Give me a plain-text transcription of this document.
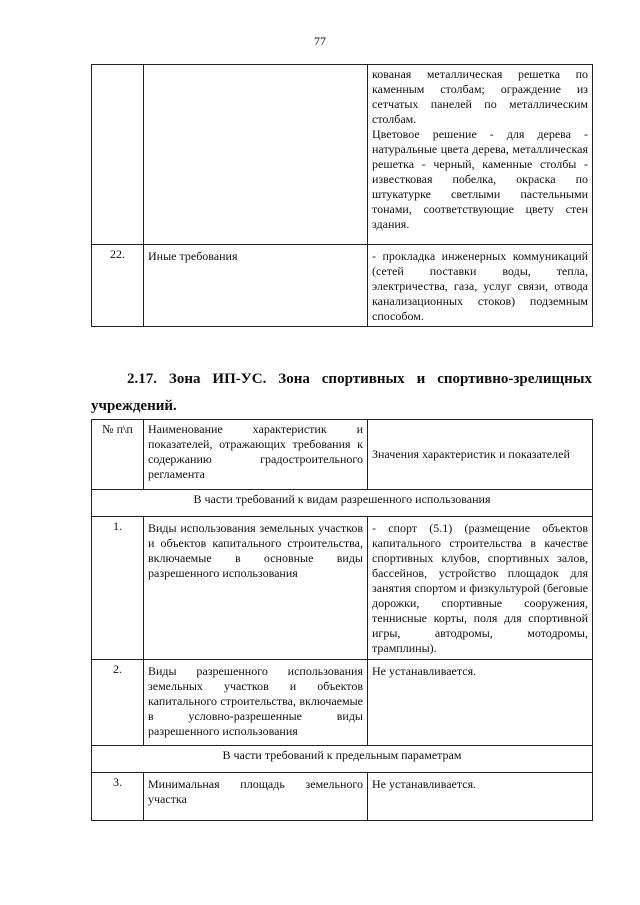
77

		кованая металлическая решетка по каменным столбам; ограждение из сетчатых панелей по металлическим столбам.
Цветовое решение - для дерева - натуральные цвета дерева, металлическая решетка - черный, каменные столбы - известковая побелка, окраска по штукатурке светлыми пастельными тонами, соответствующие цвету стен здания.

22.	Иные требования	- прокладка инженерных коммуникаций (сетей поставки воды, тепла, электричества, газа, услуг связи, отвода канализационных стоков) подземным способом.
2.17. Зона ИП-УС. Зона спортивных и спортивно-зрелищных учреждений.
№ п\п	Наименование характеристик и показателей, отражающих требования к содержанию градостроительного регламента	Значения характеристик и показателей
В части требований к видам разрешенного использования		
1.	Виды использования земельных участков и объектов капитального строительства, включаемые в основные виды разрешенного использования	- спорт (5.1) (размещение объектов капитального строительства в качестве спортивных клубов, спортивных залов, бассейнов, устройство площадок для занятия спортом и физкультурой (беговые дорожки, спортивные сооружения, теннисные корты, поля для спортивной игры, автодромы, мотодромы, трамплины).
2.	Виды разрешенного использования земельных участков и объектов капитального строительства, включаемые в условно-разрешенные виды разрешенного использования	Не устанавливается.
В части требований к предельным параметрам		
3.	Минимальная площадь земельного участка	Не устанавливается.
